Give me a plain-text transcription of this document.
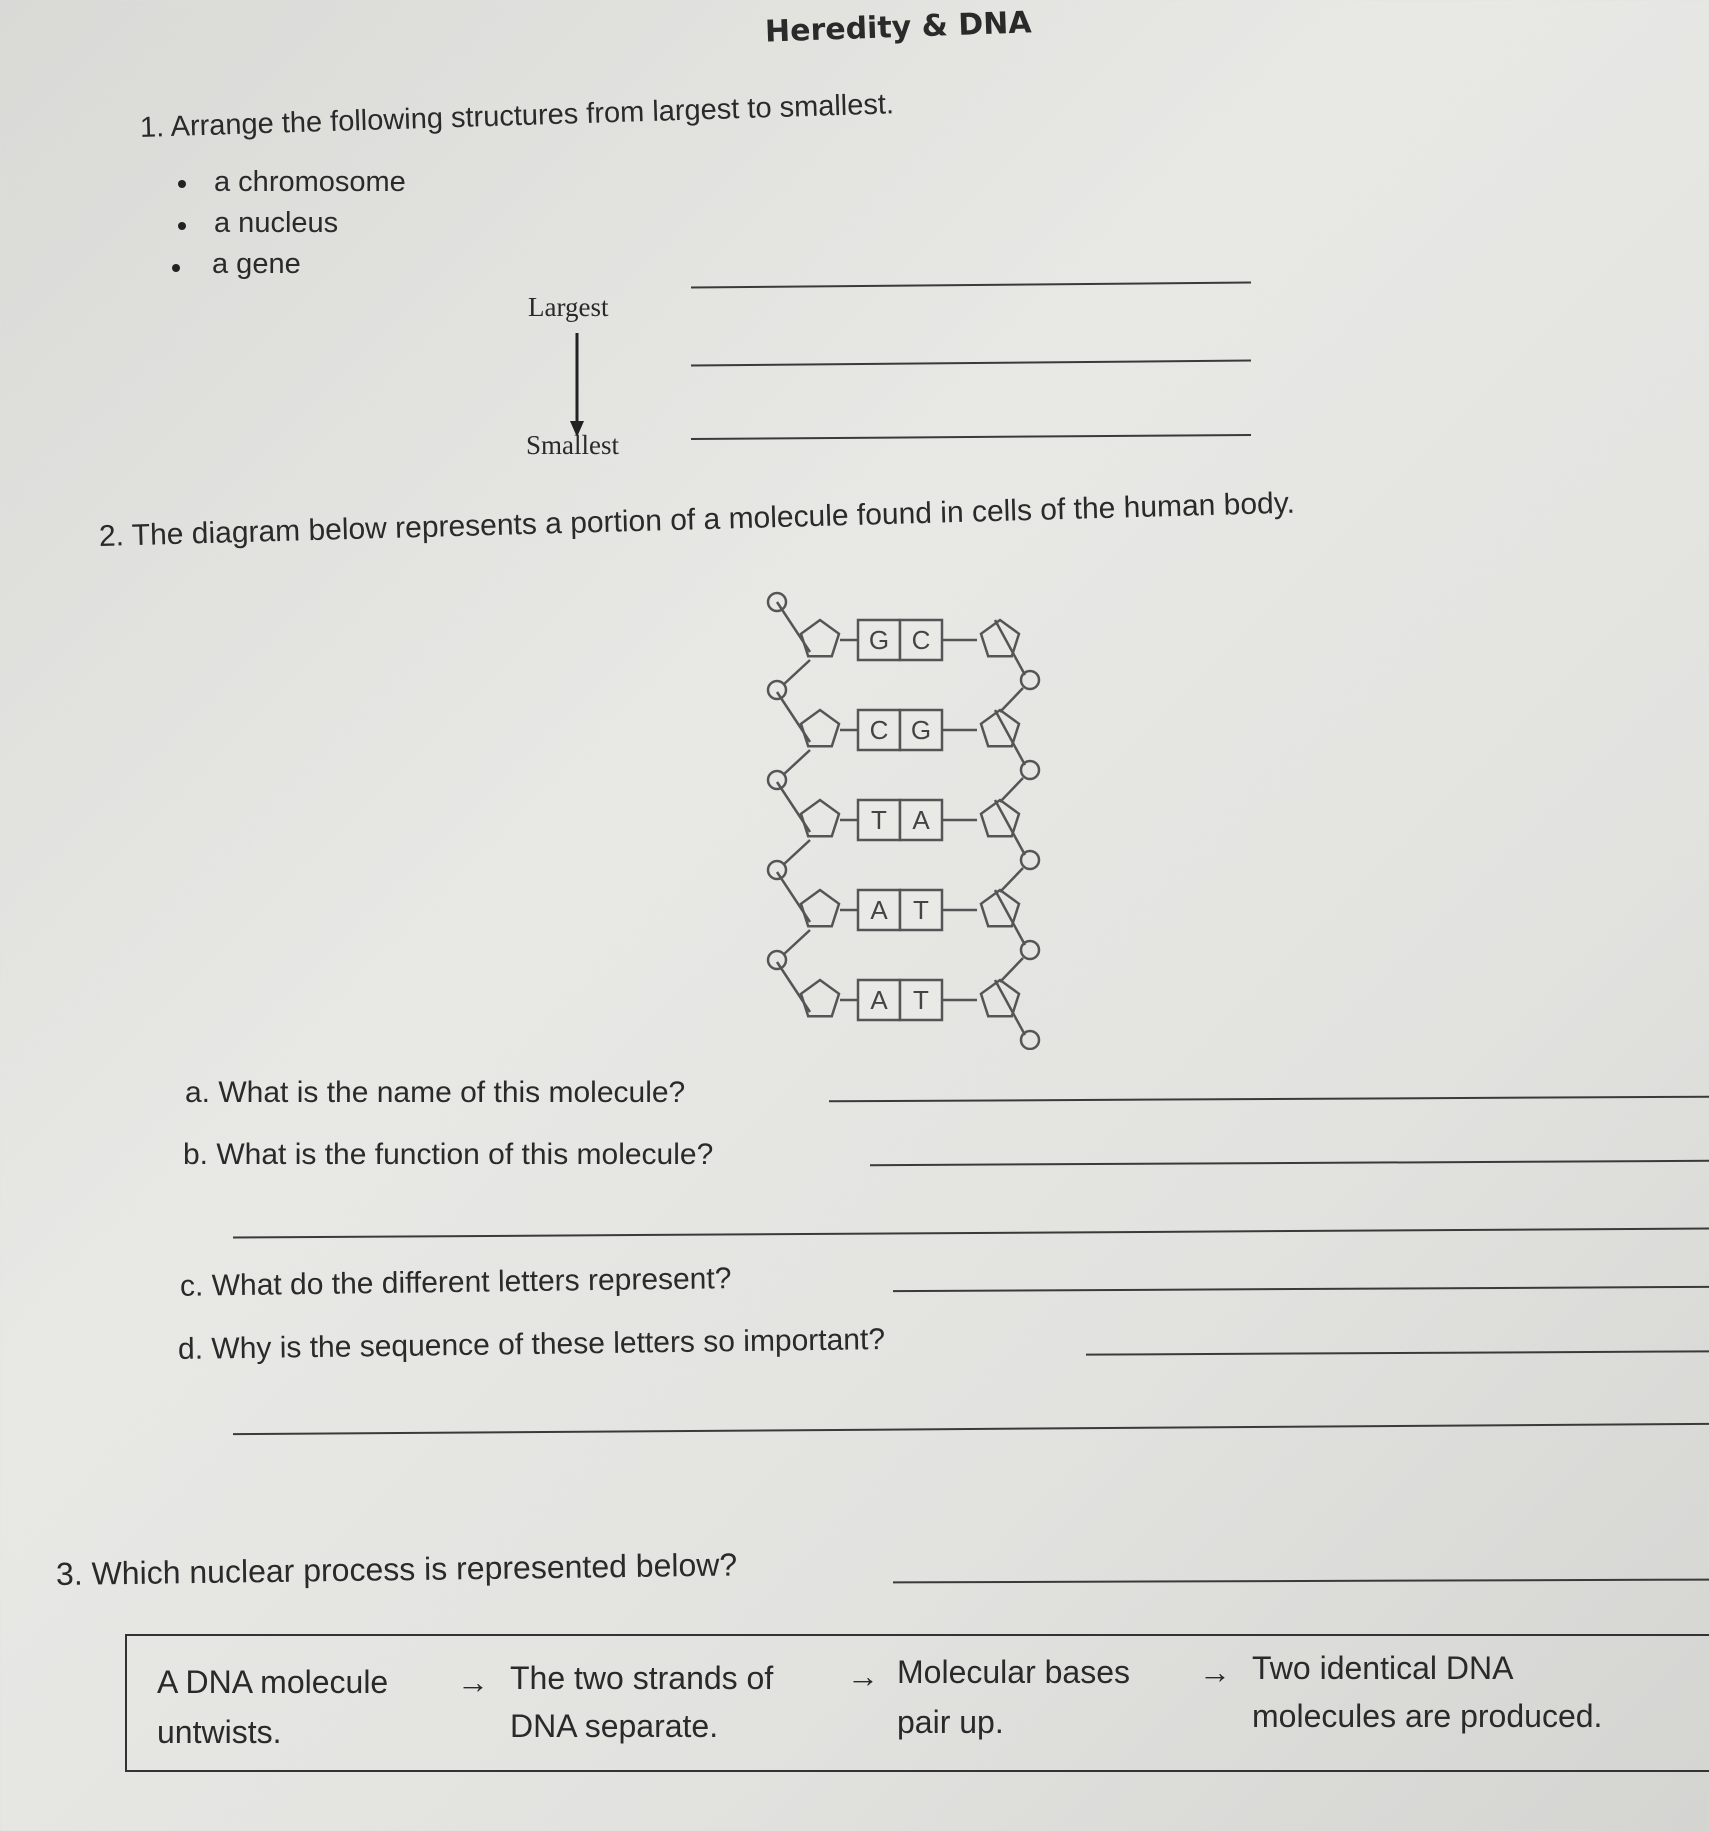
Heredity & DNA
1. Arrange the following structures from largest to smallest.
a chromosome
a nucleus
a gene
Largest
Smallest
2. The diagram below represents a portion of a molecule found in cells of the human body.
G C
C G
T A
A T
A T
a. What is the name of this molecule?
b. What is the function of this molecule?
c. What do the different letters represent?
d. Why is the sequence of these letters so important?
3. Which nuclear process is represented below?
A DNA molecule
untwists.
→ The two strands of
DNA separate.
→ Molecular bases
pair up.
→ Two identical DNA
molecules are produced.
